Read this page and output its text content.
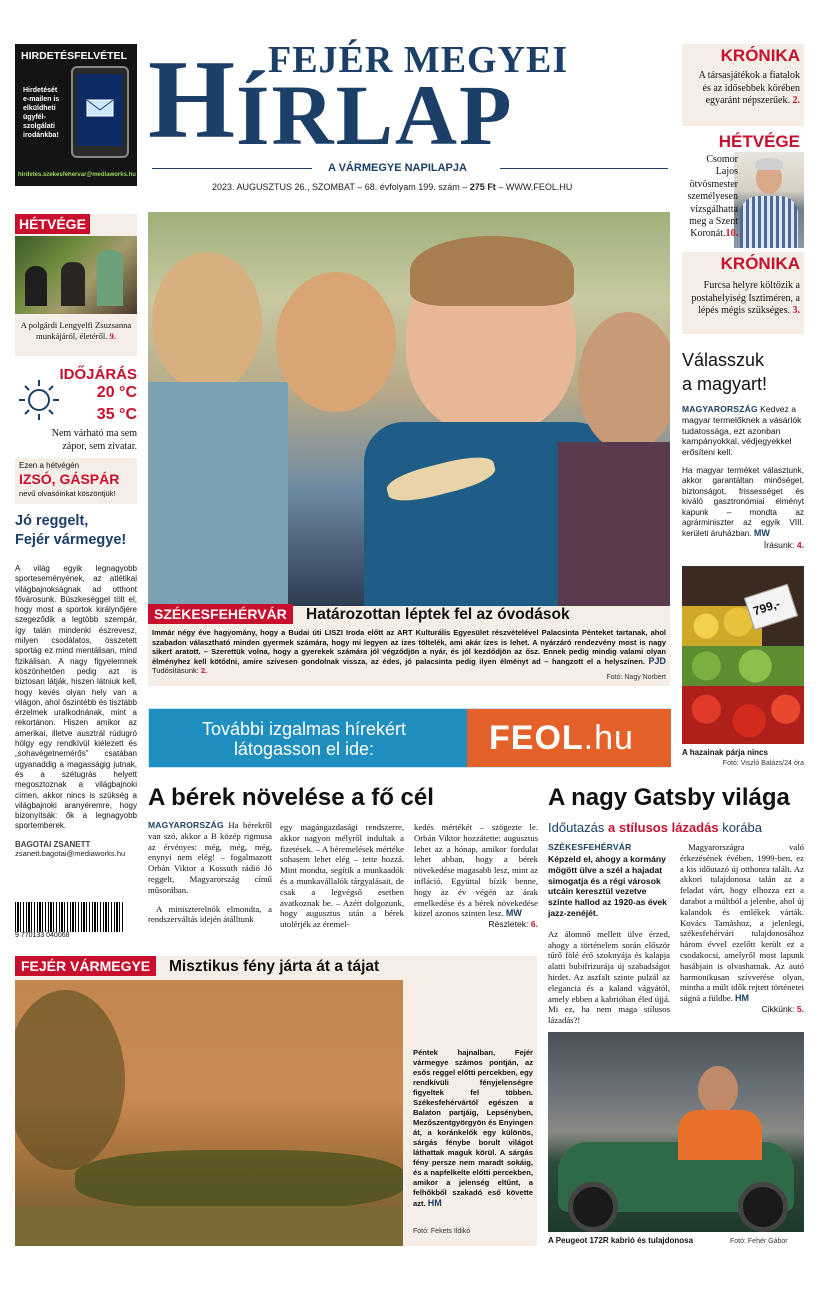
HIRDETÉSFELVÉTEL
Hirdetését
e-mailen is
elküldheti
ügyfél-
szolgálati
irodánkba!
hirdetes.szekesfehervar@mediaworks.hu
H FEJÉR MEGYEI
ÍRLAP
A VÁRMEGYE NAPILAPJA
2023. AUGUSZTUS 26., SZOMBAT – 68. évfolyam 199. szám – 275 Ft – WWW.FEOL.HU
KRÓNIKA
A társasjátékok a fiatalok és az idősebbek körében egyaránt népszerűek. 2.
HÉTVÉGE
Csomor Lajos ötvösmester személyesen vizsgálhatta meg a Szent Koronát.10.
KRÓNIKA
Furcsa helyre költözik a postahelyiség Isztiméren, a lépés mégis szükséges. 3.
HÉTVÉGE
A polgárdi Lengyelfi Zsuzsanna munkájáról, életéről. 9.
IDŐJÁRÁS
20 °C
35 °C
Nem várható ma sem zápor, sem zivatar.
Ezen a hétvégén
IZSÓ, GÁSPÁR
nevű olvasóinkat köszöntjük!
Jó reggelt,
Fejér vármegye!
A világ egyik legnagyobb sporteseményének, az atlétikai világbajnokságnak ad otthont fővárosunk. Büszkeséggel tölt el, hogy most a sportok királynőjére szegeződik a legtöbb szempár, így talán mindenki észrevesz, milyen csodálatos, összetett sportág ez mind mentálisan, mind fizikálisan. A nagy figyelemnek köszönhetően pedig azt is biztosan látják, hiszen látniuk kell, hogy kevés olyan hely van a világon, ahol őszintébb és tisztább érzelmek uralkodnának, mint a rekortánon. Hiszen amikor az amerikai, illetve ausztrál rúdugró hölgy egy rendkívül kiélezett és „sohavégetnemérős” csatában ugyanaddig a magasságig jutnak, és a szétugrás helyett megosztoznak a világbajnoki címen, akkor nincs is szükség a világbajnoki aranyéremre, hogy bizonyítsák: ők a legnagyobb sportemberek.
BAGOTAI ZSANETT
zsanett.bagotai@mediaworks.hu
9 770133 040068
SZÉKESFEHÉRVÁR	Határozottan léptek fel az óvodások
Immár négy éve hagyomány, hogy a Budai úti LISZI Iroda előtt az ART Kulturális Egyesület részvételével Palacsinta Pénteket tartanak, ahol szabadon választható minden gyermek számára, hogy mi legyen az ízes töltelék, ami akár ízes is lehet. A nyárzáró rendezvény most is nagy sikert aratott. – Szerettük volna, hogy a gyerekek számára jól végződjön a nyár, és jól kezdődjön az ősz. Ennek pedig mindig valami olyan élményhez kell kötődni, amire szívesen gondolnak vissza, az édes, jó palacsinta pedig ilyen élményt ad – hangzott el a helyszínen. PJD Tudósításunk: 2.
Fotó: Nagy Norbert
Válasszuk
a magyart!
MAGYARORSZÁG Kedvez a magyar termelőknek a vásárlók tudatossága, ezt azonban kampányokkal, védjegyekkel erősíteni kell.
Ha magyar terméket választunk, akkor garantáltan minőséget, biztonságot, frissességet és kiváló gasztronómiai élményt kapunk – mondta az agrárminiszter az egyik VIII. kerületi áruházban. MW
Írásunk: 4.
799,-
A hazainak párja nincs
Fotó: Viszló Balázs/24 óra
További izgalmas hírekért
látogasson el ide:	FEOL.hu
A bérek növelése a fő cél
MAGYARORSZÁG Ha bérekről van szó, akkor a B közép rigmusa az érvényes: még, még, még, enynyi nem elég! – fogalmazott Orbán Viktor a Kossuth rádió Jó reggelt, Magyarország című műsorában.
A miniszterelnök elmondta, a rendszerváltás idején átálltunk
egy magángazdasági rendszerre, akkor nagyon mélyről indultak a fizetések. – A béremelések mértéke sohasem lehet elég – tette hozzá. Mint mondta, segítik a munkaadók és a munkavállalók tárgyalásait, de csak a legvégső esetben avatkoznak be. – Azért dolgozunk, hogy augusztus után a bérek utolérjék az éremel-
kedés mértékét – szögezte le. Orbán Viktor hozzátette: augusztus lehet az a hónap, amikor fordulat lehet abban, hogy a bérek növekedése magasabb lesz, mint az infláció. Együttal bízik benne, hogy az év végén az árak emelkedése és a bérek növekedése közel azonos szinten lesz. MW
Részletek: 6.
A nagy Gatsby világa
Időutazás a stílusos lázadás korába
SZÉKESFEHÉRVÁR
Képzeld el, ahogy a kormány mögött ülve a szél a hajadat simogatja és a régi városok utcáin keresztül vezetve szinte hallod az 1920-as évek jazz-zenéjét.
Az álomnő mellett ülve érzed, ahogy a történelem során először tűrő fölé érő szoknyája és kalapja alatti bubifrizurája új szabadságot hirdet. Az aszfalt szinte pulzál az elegancia és a kaland vágyától, amely ebben a kabrióban éled újjá. Mi ez, ha nem maga stílusos lázadás?!
Magyarországra való érkezésének évében, 1999-ben, ez a kis időutazó új otthonra talált. Az akkori tulajdonosa talán az a feladat várt, hogy elhozza ezt a darabot a múltból a jelenbe, ahol új kalandok és emlékek várták. Kovács Tamáshoz, a jelenlegi, székesfehérvári tulajdonosához három évvel ezelőtt került ez a csodakocsi, amelyről most lapunk hasábjain is olvashatnak. Az autó harmonikusan szívverése olyan, mintha a múlt idők rejtett történetei súgná a füldbe. HM
Cikkünk: 5.
A Peugeot 172R kabrió és tulajdonosa	Fotó: Fehér Gábor
FEJÉR VÁRMEGYE	Misztikus fény járta át a tájat
Péntek hajnalban, Fejér vármegye számos pontján, az esős reggel előtti percekben, egy rendkívüli fényjelenségre figyeltek fel többen. Székesfehérvártól egészen a Balaton partjáig, Lepsényben, Mezőszentgyörgyön és Enyingen át, a koránkelők egy különös, sárgás fénybe borult világot láthattak maguk körül. A sárgás fény persze nem maradt sokáig, és a napfelkelte előtti percekben, amikor a jelenség eltűnt, a felhőkből szakadó eső követte azt. HM
Fotó: Fekets Ildikó
